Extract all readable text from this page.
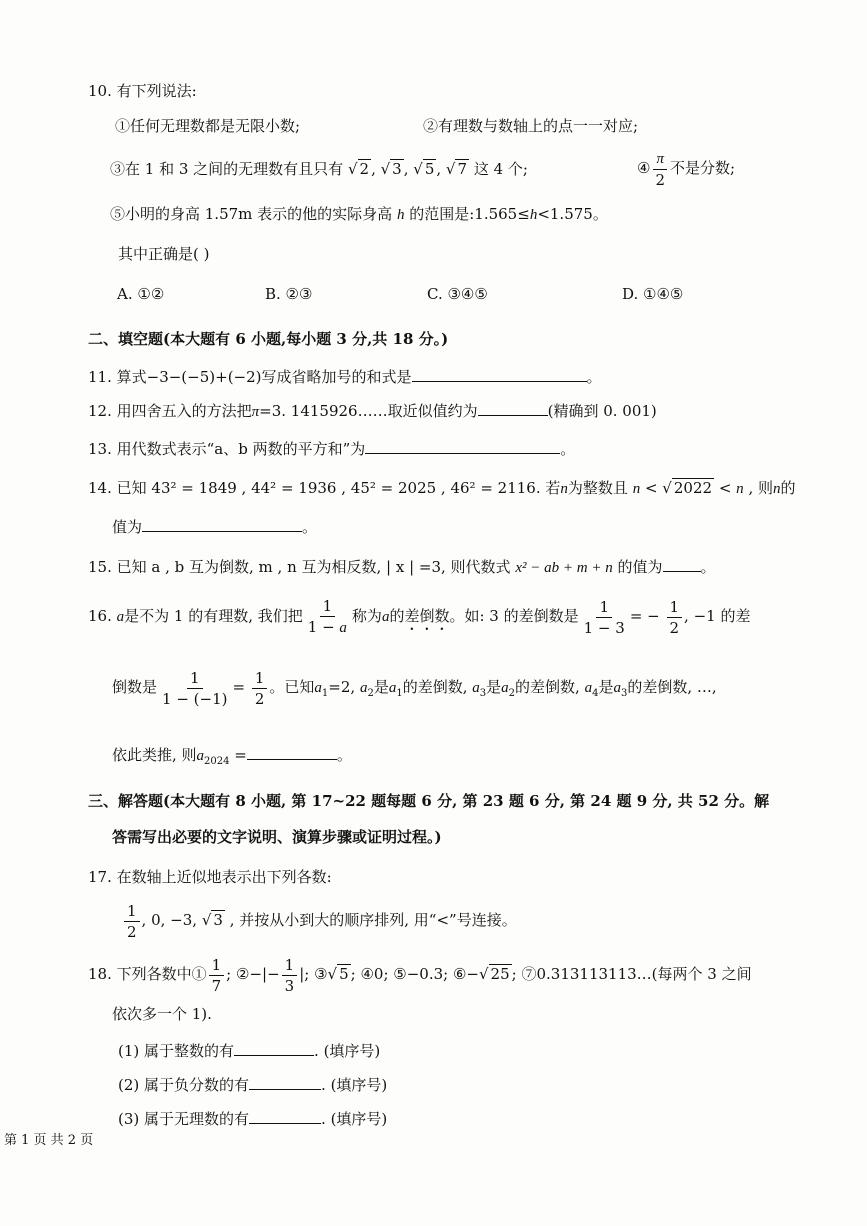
10. 有下列说法:
①任何无理数都是无限小数;	②有理数与数轴上的点一一对应;
③在 1 和 3 之间的无理数有且只有 √ 2 , √ 3 , √ 5 , √ 7 这 4 个;	④ $\frac{\pi}{2}$ 不是分数;
⑤小明的身高 1.57m 表示的他的实际身高 h 的范围是:1.565≤h<1.575。
其中正确是( )
A. ①②	B. ②③	C. ③④⑤	D. ①④⑤
二、填空题(本大题有 6 小题,每小题 3 分,共 18 分。)
11. 算式−3−(−5)+(−2)写成省略加号的和式是	。
12. 用四舍五入的方法把π=3. 1415926……取近似值约为	(精确到 0. 001)
13. 用代数式表示“a、b 两数的平方和”为	。
14. 已知 43² = 1849 , 44² = 1936 , 45² = 2025 , 46² = 2116. 若n为整数且 n < √ 2022 < n , 则n的
值为	。
15. 已知 a , b 互为倒数, m , n 互为相反数, | x | =3, 则代数式 x² − ab + m + n 的值为	。
16. a是不为 1 的有理数, 我们把 $\frac{1}{1 - a}$ 称为a的差倒数。如: 3 的差倒数是 $\frac{1}{1 - 3}$ = − $\frac{1}{2}$ , −1 的差
倒数是 $\frac{1}{1 - (-1)} = \frac{1}{2}$ 。已知$a_1=2$, $a_2$是$a_1$的差倒数, $a_3$是$a_2$的差倒数, $a_4$是$a_3$的差倒数, …,
依此类推, 则$a_{2024}$ =	。
三、解答题(本大题有 8 小题, 第 17~22 题每题 6 分, 第 23 题 6 分, 第 24 题 9 分, 共 52 分。解
答需写出必要的文字说明、演算步骤或证明过程。)
17. 在数轴上近似地表示出下列各数:
$\frac{1}{2}$ , 0, −3, √ 3 , 并按从小到大的顺序排列, 用“<”号连接。
18. 下列各数中① $\frac{1}{7}$ ; ②−|− $\frac{1}{3}$ |; ③√ 5 ; ④0; ⑤−0.3; ⑥−√ 25 ; ⑦0.313113113…(每两个 3 之间
依次多一个 1).
(1) 属于整数的有	. (填序号)
(2) 属于负分数的有	. (填序号)
(3) 属于无理数的有	. (填序号)
第 1 页 共 2 页
